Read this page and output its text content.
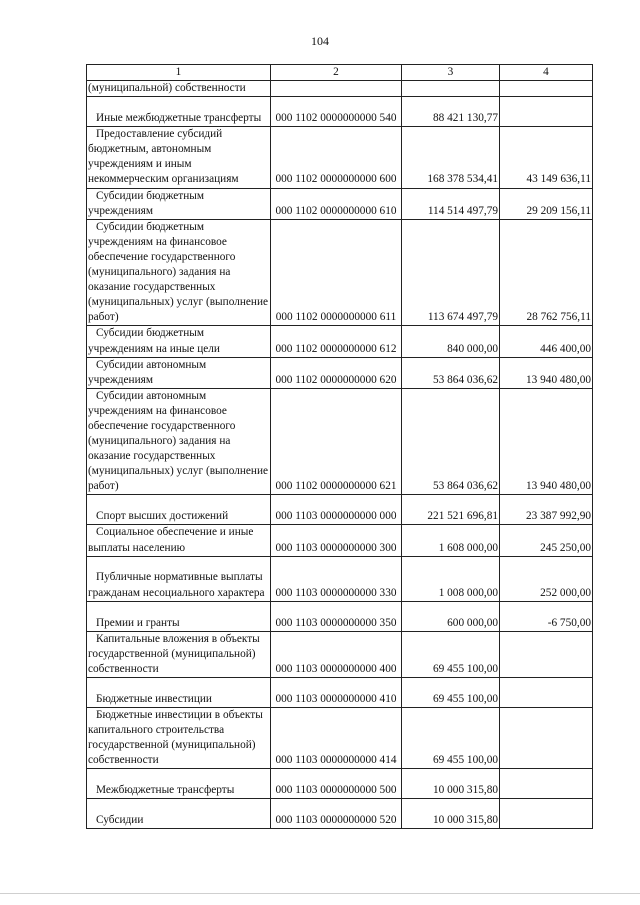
104
1	2	3	4
(муниципальной) собственности			
Иные межбюджетные трансферты	000 1102 0000000000 540	88 421 130,77	
Предоставление субсидий бюджетным, автономным учреждениям и иным некоммерческим организациям	000 1102 0000000000 600	168 378 534,41	43 149 636,11
Субсидии бюджетным учреждениям	000 1102 0000000000 610	114 514 497,79	29 209 156,11
Субсидии бюджетным учреждениям на финансовое обеспечение государственного (муниципального) задания на оказание государственных (муниципальных) услуг (выполнение работ)	000 1102 0000000000 611	113 674 497,79	28 762 756,11
Субсидии бюджетным учреждениям на иные цели	000 1102 0000000000 612	840 000,00	446 400,00
Субсидии автономным учреждениям	000 1102 0000000000 620	53 864 036,62	13 940 480,00
Субсидии автономным учреждениям на финансовое обеспечение государственного (муниципального) задания на оказание государственных (муниципальных) услуг (выполнение работ)	000 1102 0000000000 621	53 864 036,62	13 940 480,00
Спорт высших достижений	000 1103 0000000000 000	221 521 696,81	23 387 992,90
Социальное обеспечение и иные выплаты населению	000 1103 0000000000 300	1 608 000,00	245 250,00
Публичные нормативные выплаты гражданам несоциального характера	000 1103 0000000000 330	1 008 000,00	252 000,00
Премии и гранты	000 1103 0000000000 350	600 000,00	-6 750,00
Капитальные вложения в объекты государственной (муниципальной) собственности	000 1103 0000000000 400	69 455 100,00	
Бюджетные инвестиции	000 1103 0000000000 410	69 455 100,00	
Бюджетные инвестиции в объекты капитального строительства государственной (муниципальной) собственности	000 1103 0000000000 414	69 455 100,00	
Межбюджетные трансферты	000 1103 0000000000 500	10 000 315,80	
Субсидии	000 1103 0000000000 520	10 000 315,80	
